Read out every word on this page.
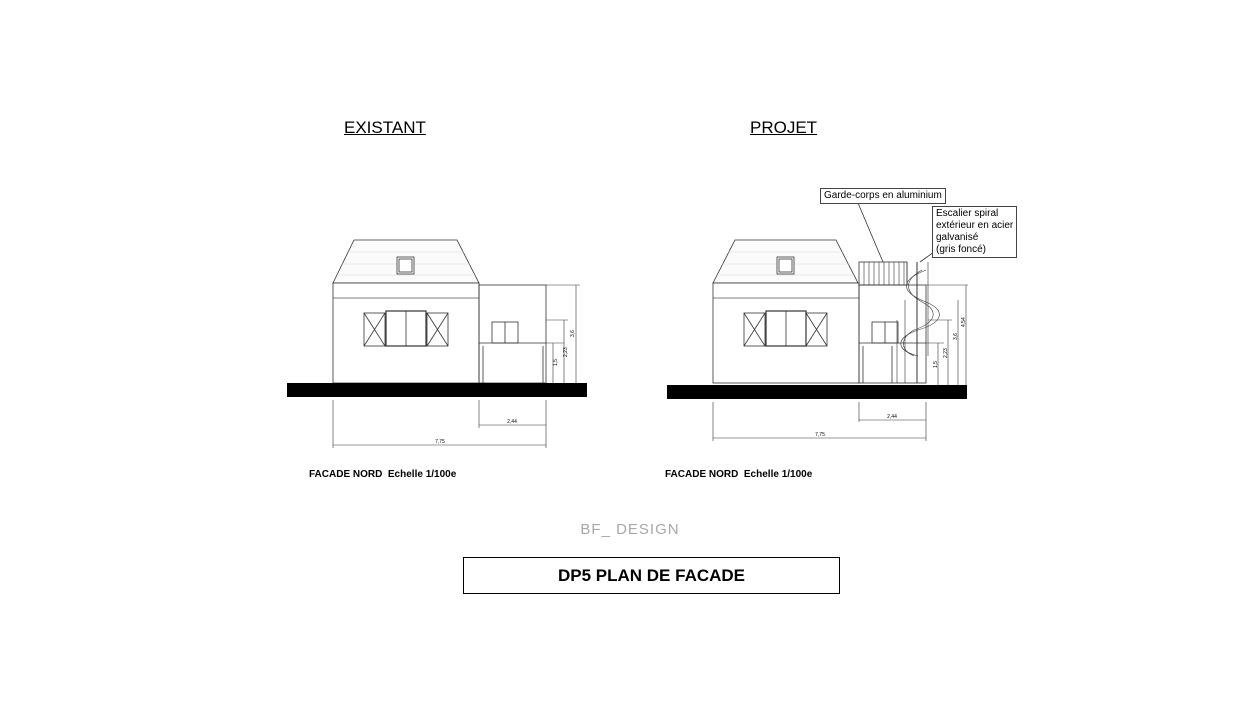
EXISTANT	PROJET
2,44
7,75
1,5
2,23
3,6
2,44
7,75
1,5
2,23
3,6
4,54
Garde-corps en aluminium
Escalier spiral
extérieur en acier
galvanisé
(gris foncé)
FACADE NORD  Echelle 1/100e	FACADE NORD  Echelle 1/100e
BF_ DESIGN
DP5 PLAN DE FACADE
